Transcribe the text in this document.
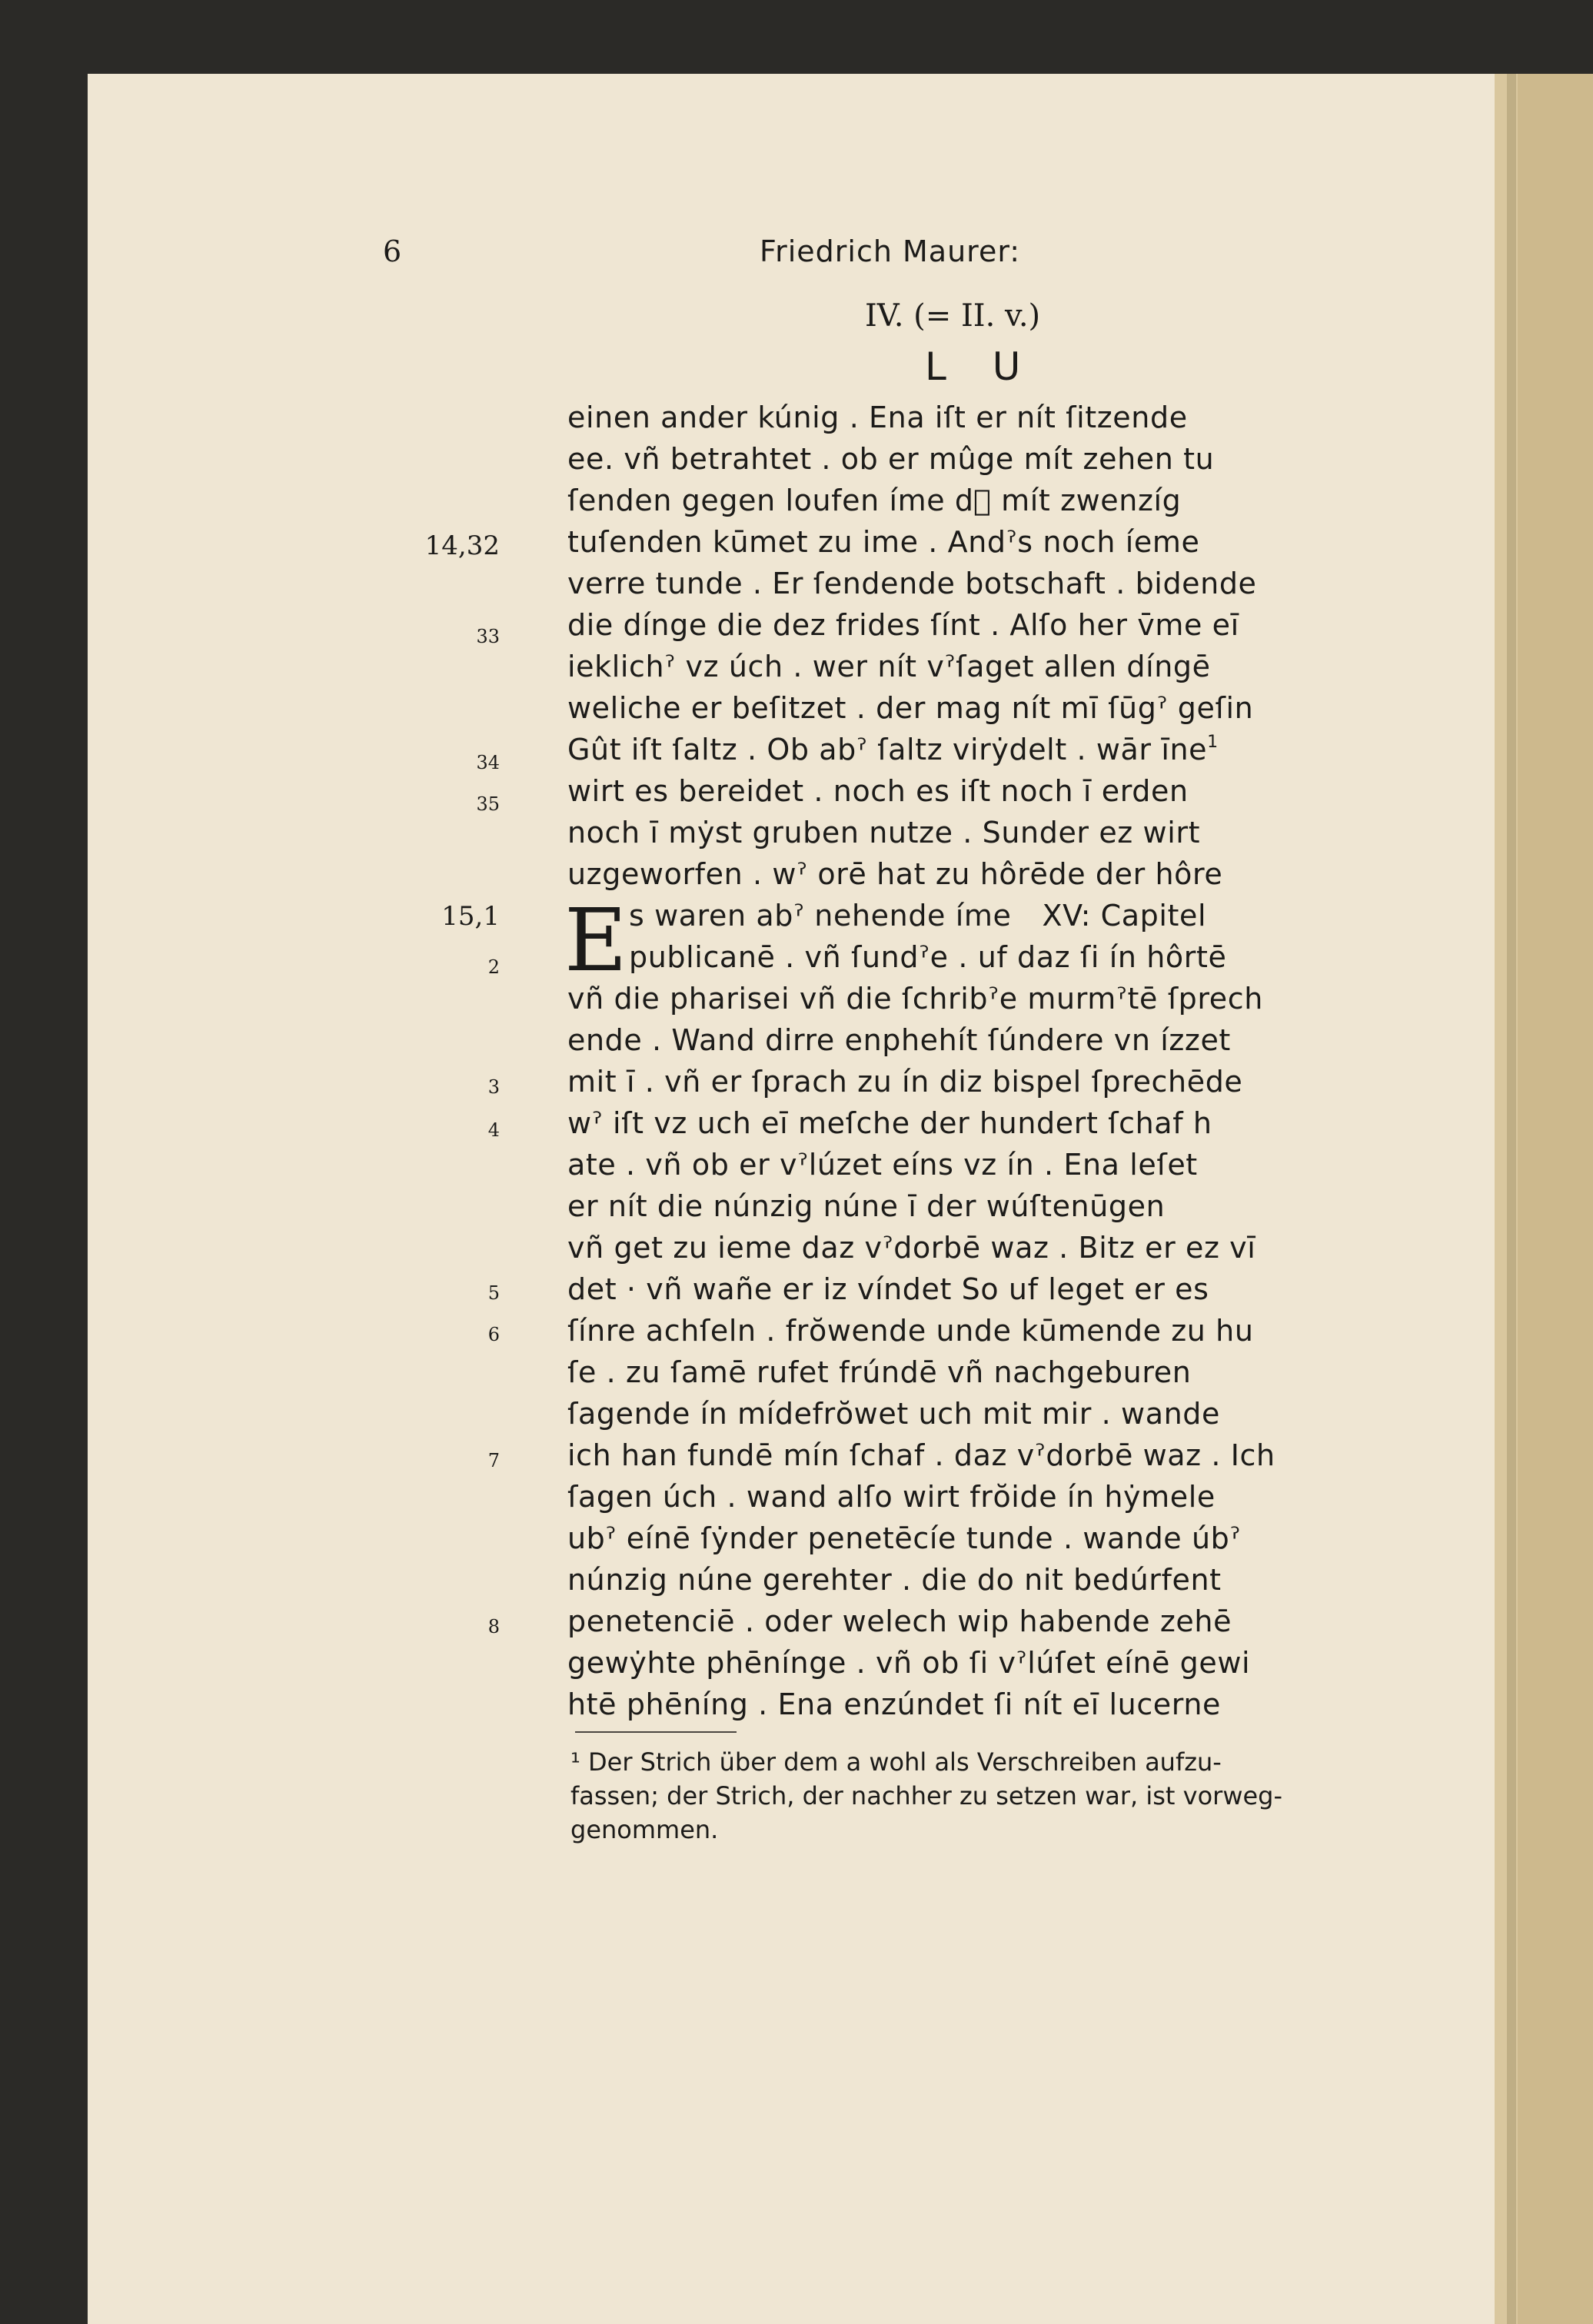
6	Friedrich Maurer:
IV. (= II. v.)
L U
14,32
33
34
35
15,1
2
3
4
5
6
7
8
E
einen ander kúnig . Ena iſt er nít ſitzende
ee. vñ betrahtet . ob er mûge mít zehen tu
ſenden gegen loufen íme dᷓ mít zwenzíg
tuſenden kūmet zu ime . Andˀs noch íeme
verre tunde . Er ſendende botschaft . bidende
die dínge die dez frides ſínt . Alſo her v̄me eī
ieklichˀ vz úch . wer nít vˀſaget allen díngē
weliche er beſitzet . der mag nít mī ſūgˀ geſin
Gût iſt ſaltz . Ob abˀ ſaltz virẏdelt . wār īne$^1$
wirt es bereidet . noch es iſt noch ī erden
noch ī mẏst gruben nutze . Sunder ez wirt
uzgeworfen . wˀ orē hat zu hôrēde der hôre
s waren abˀ nehende íme XV: Capitel
publicanē . vñ ſundˀe . uf daz ſi ín hôrtē
vñ die pharisei vñ die ſchribˀe murmˀtē ſprech
ende . Wand dirre enphehít ſúndere vn ízzet
mit ī . vñ er ſprach zu ín diz bispel ſprechēde
wˀ iſt vz uch eī meſche der hundert ſchaf h
ate . vñ ob er vˀlúzet eíns vz ín . Ena leſet
er nít die núnzig núne ī der wúſtenūgen
vñ get zu ieme daz vˀdorbē waz . Bitz er ez vī
det · vñ wañe er iz víndet So uf leget er es
ſínre achſeln . frŏwende unde kūmende zu hu
ſe . zu ſamē rufet frúndē vñ nachgeburen
ſagende ín mídefrŏwet uch mit mir . wande
ich han fundē mín ſchaf . daz vˀdorbē waz . Ich
ſagen úch . wand alſo wirt frŏide ín hẏmele
ubˀ eínē ſẏnder penetēcíe tunde . wande úbˀ
núnzig núne gerehter . die do nit bedúrfent
penetenciē . oder welech wip habende zehē
gewẏhte phēnínge . vñ ob ſi vˀlúſet eínē gewi
htē phēníng . Ena enzúndet ſi nít eī lucerne
¹ Der Strich über dem a wohl als Verschreiben aufzu-
fassen; der Strich, der nachher zu setzen war, ist vorweg-
genommen.
